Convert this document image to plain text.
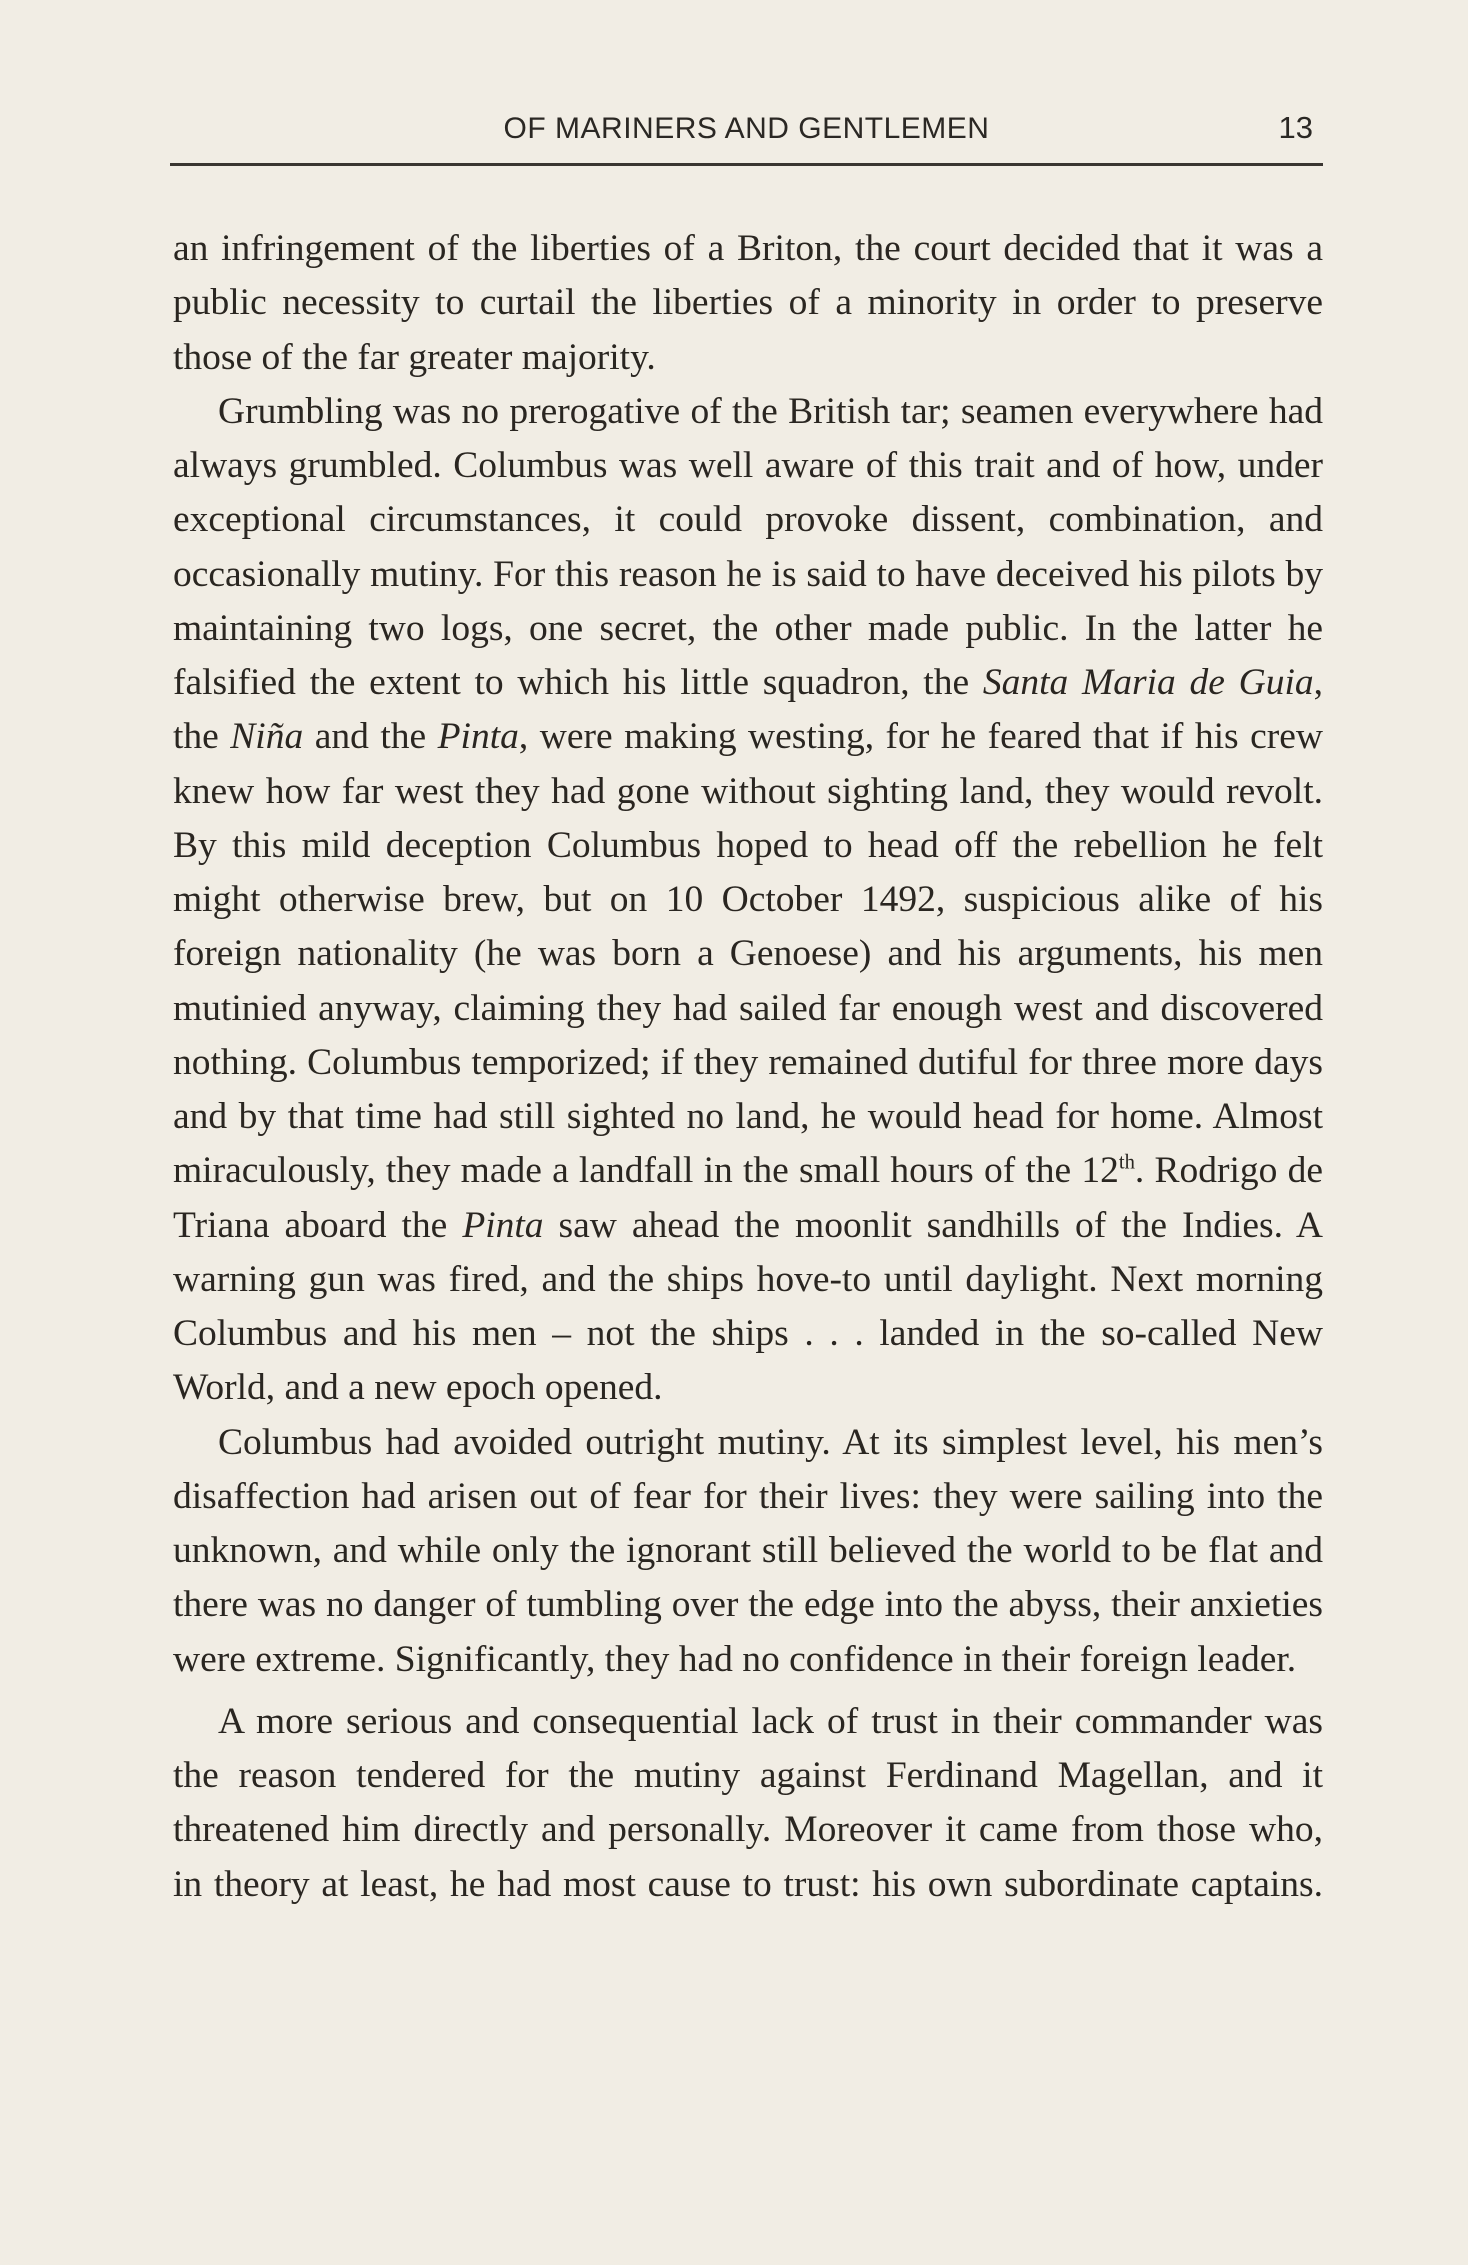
OF MARINERS AND GENTLEMEN	13

an infringement of the liberties of a Briton, the court decided that it was a public necessity to curtail the liberties of a minority in order to preserve those of the far greater majority.

Grumbling was no prerogative of the British tar; seamen everywhere had always grumbled. Columbus was well aware of this trait and of how, under exceptional circumstances, it could provoke dissent, combination, and occasionally mutiny. For this reason he is said to have deceived his pilots by maintaining two logs, one secret, the other made public. In the latter he falsified the extent to which his little squadron, the Santa Maria de Guia, the Niña and the Pinta, were making westing, for he feared that if his crew knew how far west they had gone without sighting land, they would revolt. By this mild deception Columbus hoped to head off the rebellion he felt might otherwise brew, but on 10 October 1492, suspicious alike of his foreign nationality (he was born a Genoese) and his arguments, his men mutinied anyway, claiming they had sailed far enough west and discovered nothing. Columbus temporized; if they remained dutiful for three more days and by that time had still sighted no land, he would head for home. Almost miraculously, they made a landfall in the small hours of the 12th. Rodrigo de Triana aboard the Pinta saw ahead the moonlit sandhills of the Indies. A warning gun was fired, and the ships hove-to until daylight. Next morning Columbus and his men – not the ships . . . landed in the so-called New World, and a new epoch opened.

Columbus had avoided outright mutiny. At its simplest level, his men’s disaffection had arisen out of fear for their lives: they were sailing into the unknown, and while only the ignorant still believed the world to be flat and there was no danger of tumbling over the edge into the abyss, their anxieties were extreme. Significantly, they had no confidence in their foreign leader.

A more serious and consequential lack of trust in their commander was the reason tendered for the mutiny against Ferdinand Magellan, and it threatened him directly and personally. Moreover it came from those who, in theory at least, he had most cause to trust: his own subordinate captains.
